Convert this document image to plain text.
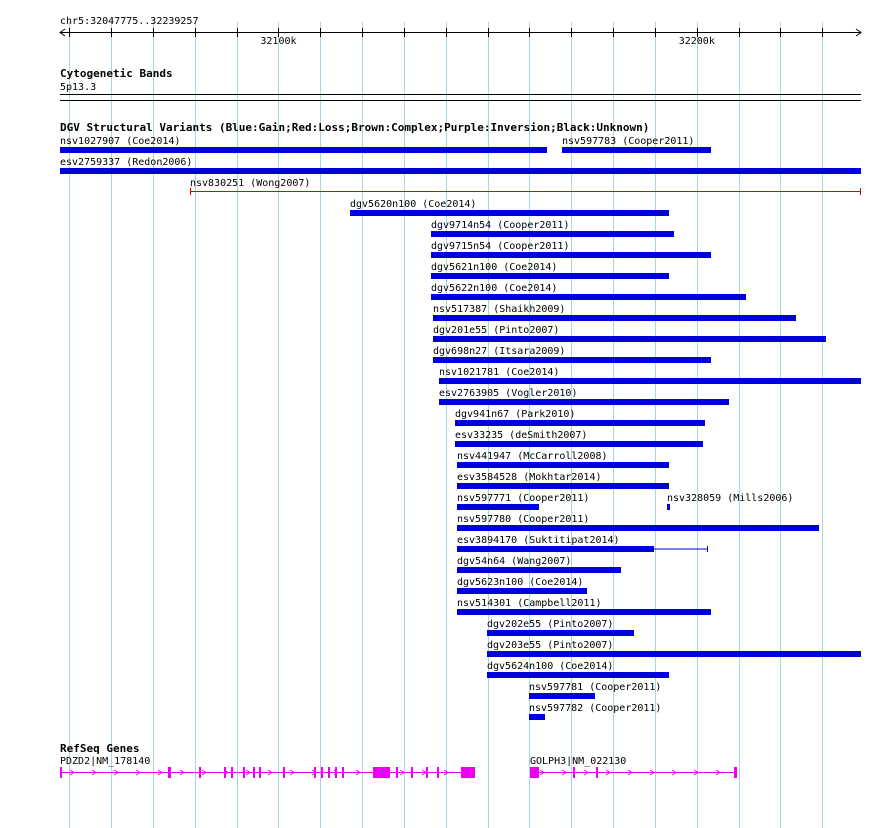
chr5:32047775..32239257
32100k	32200k
Cytogenetic Bands
5p13.3
DGV Structural Variants (Blue:Gain;Red:Loss;Brown:Complex;Purple:Inversion;Black:Unknown)
nsv1027907 (Coe2014)	nsv597783 (Cooper2011)
esv2759337 (Redon2006)
nsv830251 (Wong2007)
dgv5620n100 (Coe2014)
dgv9714n54 (Cooper2011)
dgv9715n54 (Cooper2011)
dgv5621n100 (Coe2014)
dgv5622n100 (Coe2014)
nsv517387 (Shaikh2009)
dgv201e55 (Pinto2007)
dgv698n27 (Itsara2009)
nsv1021781 (Coe2014)
esv2763905 (Vogler2010)
dgv941n67 (Park2010)
esv33235 (deSmith2007)
nsv441947 (McCarroll2008)
esv3584528 (Mokhtar2014)
nsv597771 (Cooper2011)	nsv328059 (Mills2006)
nsv597780 (Cooper2011)
esv3894170 (Suktitipat2014)
dgv54n64 (Wang2007)
dgv5623n100 (Coe2014)
nsv514301 (Campbell2011)
dgv202e55 (Pinto2007)
dgv203e55 (Pinto2007)
dgv5624n100 (Coe2014)
nsv597781 (Cooper2011)
nsv597782 (Cooper2011)
RefSeq Genes
PDZD2|NM_178140	GOLPH3|NM_022130
